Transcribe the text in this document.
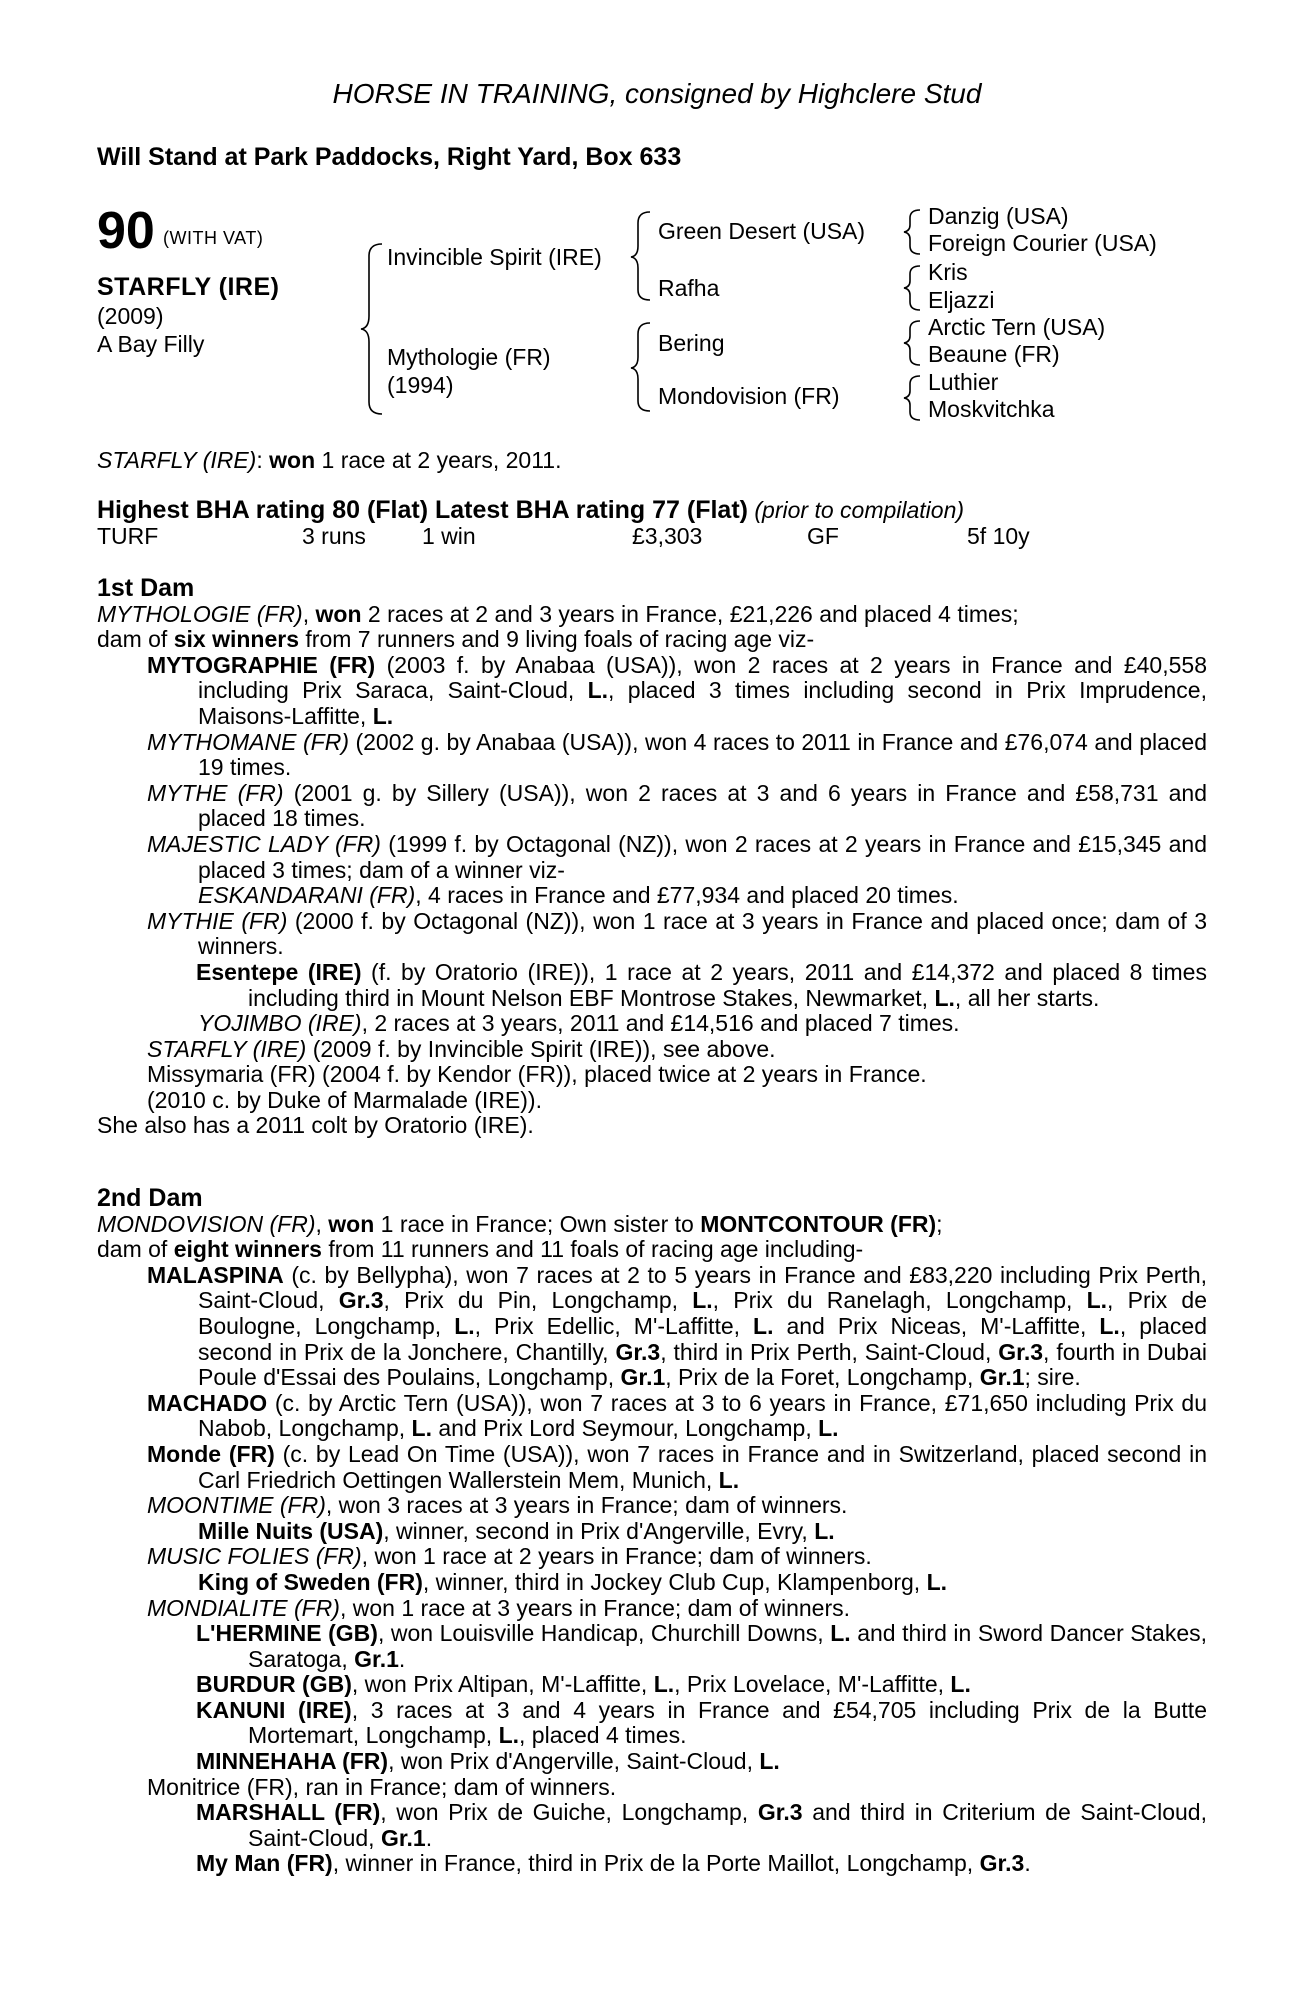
HORSE IN TRAINING, consigned by Highclere Stud
Will Stand at Park Paddocks, Right Yard, Box 633
90 (WITH VAT)
STARFLY (IRE)
(2009)
A Bay Filly
Invincible Spirit (IRE)
Mythologie (FR)
(1994)
Green Desert (USA)
Rafha
Bering
Mondovision (FR)
Danzig (USA)
Foreign Courier (USA)
Kris
Eljazzi
Arctic Tern (USA)
Beaune (FR)
Luthier
Moskvitchka

STARFLY (IRE): won 1 race at 2 years, 2011.

Highest BHA rating 80 (Flat) Latest BHA rating 77 (Flat) (prior to compilation)

TURF	3 runs	1 win	£3,303	GF	5f 10y

1st Dam

MYTHOLOGIE (FR), won 2 races at 2 and 3 years in France, £21,226 and placed 4 times;

dam of six winners from 7 runners and 9 living foals of racing age viz-

MYTOGRAPHIE (FR) (2003 f. by Anabaa (USA)), won 2 races at 2 years in France and £40,558 including Prix Saraca, Saint-Cloud, L., placed 3 times including second in Prix Imprudence, Maisons-Laffitte, L.

MYTHOMANE (FR) (2002 g. by Anabaa (USA)), won 4 races to 2011 in France and £76,074 and placed 19 times.

MYTHE (FR) (2001 g. by Sillery (USA)), won 2 races at 3 and 6 years in France and £58,731 and placed 18 times.

MAJESTIC LADY (FR) (1999 f. by Octagonal (NZ)), won 2 races at 2 years in France and £15,345 and placed 3 times; dam of a winner viz-

ESKANDARANI (FR), 4 races in France and £77,934 and placed 20 times.

MYTHIE (FR) (2000 f. by Octagonal (NZ)), won 1 race at 3 years in France and placed once; dam of 3 winners.

Esentepe (IRE) (f. by Oratorio (IRE)), 1 race at 2 years, 2011 and £14,372 and placed 8 times including third in Mount Nelson EBF Montrose Stakes, Newmarket, L., all her starts.

YOJIMBO (IRE), 2 races at 3 years, 2011 and £14,516 and placed 7 times.

STARFLY (IRE) (2009 f. by Invincible Spirit (IRE)), see above.

Missymaria (FR) (2004 f. by Kendor (FR)), placed twice at 2 years in France.

(2010 c. by Duke of Marmalade (IRE)).

She also has a 2011 colt by Oratorio (IRE).

2nd Dam

MONDOVISION (FR), won 1 race in France; Own sister to MONTCONTOUR (FR);

dam of eight winners from 11 runners and 11 foals of racing age including-

MALASPINA (c. by Bellypha), won 7 races at 2 to 5 years in France and £83,220 including Prix Perth, Saint-Cloud, Gr.3, Prix du Pin, Longchamp, L., Prix du Ranelagh, Longchamp, L., Prix de Boulogne, Longchamp, L., Prix Edellic, M'-Laffitte, L. and Prix Niceas, M'-Laffitte, L., placed second in Prix de la Jonchere, Chantilly, Gr.3, third in Prix Perth, Saint-Cloud, Gr.3, fourth in Dubai Poule d'Essai des Poulains, Longchamp, Gr.1, Prix de la Foret, Longchamp, Gr.1; sire.

MACHADO (c. by Arctic Tern (USA)), won 7 races at 3 to 6 years in France, £71,650 including Prix du Nabob, Longchamp, L. and Prix Lord Seymour, Longchamp, L.

Monde (FR) (c. by Lead On Time (USA)), won 7 races in France and in Switzerland, placed second in Carl Friedrich Oettingen Wallerstein Mem, Munich, L.

MOONTIME (FR), won 3 races at 3 years in France; dam of winners.

Mille Nuits (USA), winner, second in Prix d'Angerville, Evry, L.

MUSIC FOLIES (FR), won 1 race at 2 years in France; dam of winners.

King of Sweden (FR), winner, third in Jockey Club Cup, Klampenborg, L.

MONDIALITE (FR), won 1 race at 3 years in France; dam of winners.

L'HERMINE (GB), won Louisville Handicap, Churchill Downs, L. and third in Sword Dancer Stakes, Saratoga, Gr.1.

BURDUR (GB), won Prix Altipan, M'-Laffitte, L., Prix Lovelace, M'-Laffitte, L.

KANUNI (IRE), 3 races at 3 and 4 years in France and £54,705 including Prix de la Butte Mortemart, Longchamp, L., placed 4 times.

MINNEHAHA (FR), won Prix d'Angerville, Saint-Cloud, L.

Monitrice (FR), ran in France; dam of winners.

MARSHALL (FR), won Prix de Guiche, Longchamp, Gr.3 and third in Criterium de Saint-Cloud, Saint-Cloud, Gr.1.

My Man (FR), winner in France, third in Prix de la Porte Maillot, Longchamp, Gr.3.
